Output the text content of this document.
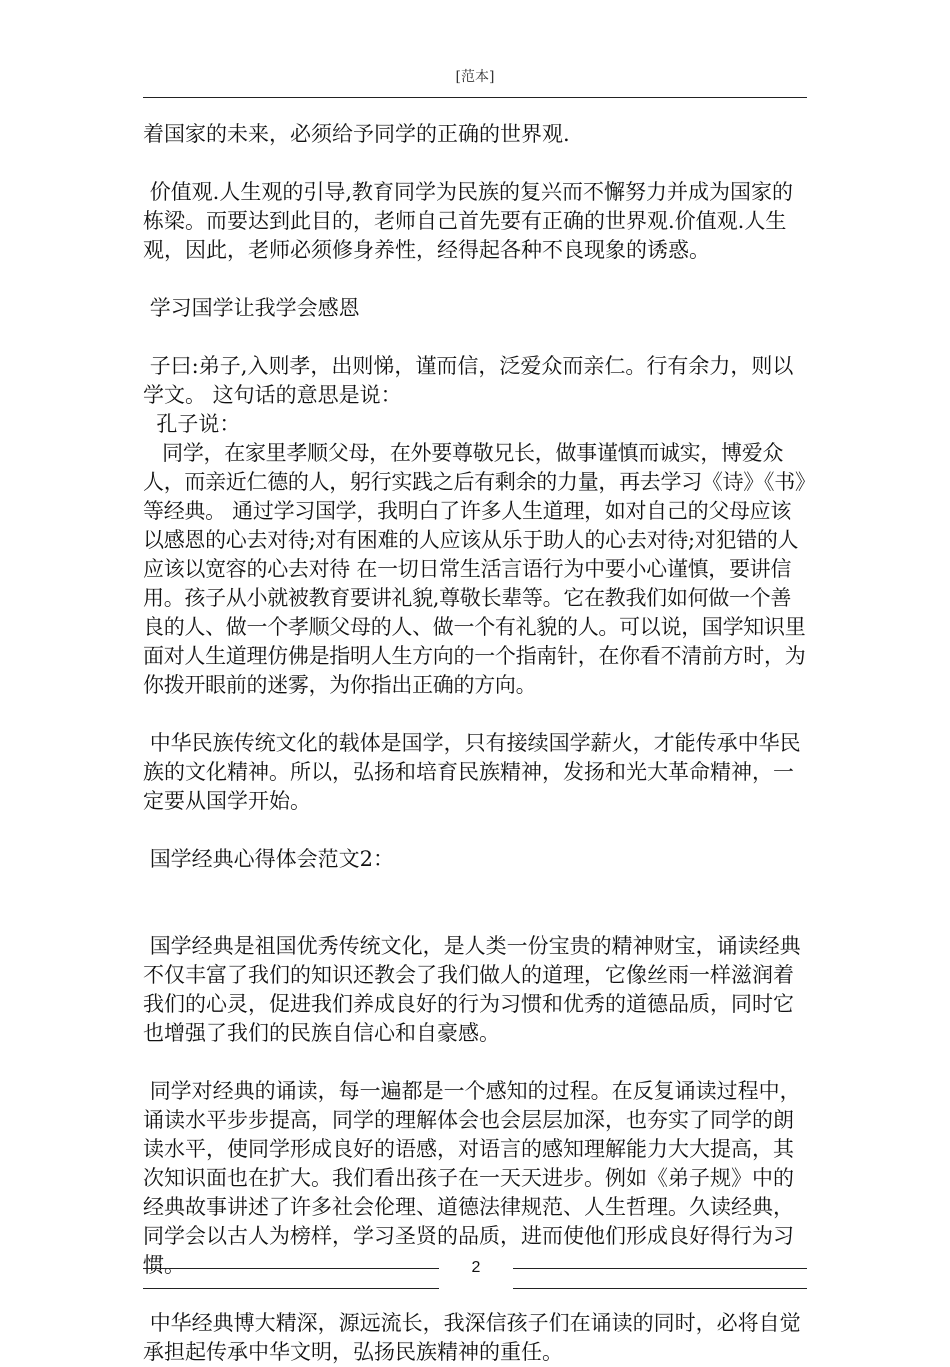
[范本]

着国家的未来，必须给予同学的正确的世界观.

价值观.人生观的引导,教育同学为民族的复兴而不懈努力并成为国家的栋梁。而要达到此目的，老师自己首先要有正确的世界观.价值观.人生观，因此，老师必须修身养性，经得起各种不良现象的诱惑。

学习国学让我学会感恩

子曰:弟子,入则孝，出则悌，谨而信，泛爱众而亲仁。行有余力，则以学文。 这句话的意思是说：

孔子说：

同学，在家里孝顺父母，在外要尊敬兄长，做事谨慎而诚实，博爱众人，而亲近仁德的人，躬行实践之后有剩余的力量，再去学习《诗》《书》等经典。 通过学习国学，我明白了许多人生道理，如对自己的父母应该以感恩的心去对待;对有困难的人应该从乐于助人的心去对待;对犯错的人应该以宽容的心去对待 在一切日常生活言语行为中要小心谨慎，要讲信用。孩子从小就被教育要讲礼貌,尊敬长辈等。它在教我们如何做一个善良的人、做一个孝顺父母的人、做一个有礼貌的人。可以说，国学知识里面对人生道理仿佛是指明人生方向的一个指南针，在你看不清前方时，为你拨开眼前的迷雾，为你指出正确的方向。

中华民族传统文化的载体是国学，只有接续国学薪火，才能传承中华民族的文化精神。所以，弘扬和培育民族精神，发扬和光大革命精神，一定要从国学开始。

国学经典心得体会范文2：

国学经典是祖国优秀传统文化，是人类一份宝贵的精神财宝，诵读经典不仅丰富了我们的知识还教会了我们做人的道理，它像丝雨一样滋润着我们的心灵，促进我们养成良好的行为习惯和优秀的道德品质，同时它也增强了我们的民族自信心和自豪感。

同学对经典的诵读，每一遍都是一个感知的过程。在反复诵读过程中，诵读水平步步提高，同学的理解体会也会层层加深，也夯实了同学的朗读水平，使同学形成良好的语感，对语言的感知理解能力大大提高，其次知识面也在扩大。我们看出孩子在一天天进步。例如《弟子规》中的经典故事讲述了许多社会伦理、道德法律规范、人生哲理。久读经典，同学会以古人为榜样，学习圣贤的品质，进而使他们形成良好得行为习惯。

中华经典博大精深，源远流长，我深信孩子们在诵读的同时，必将自觉承担起传承中华文明，弘扬民族精神的重任。

2
